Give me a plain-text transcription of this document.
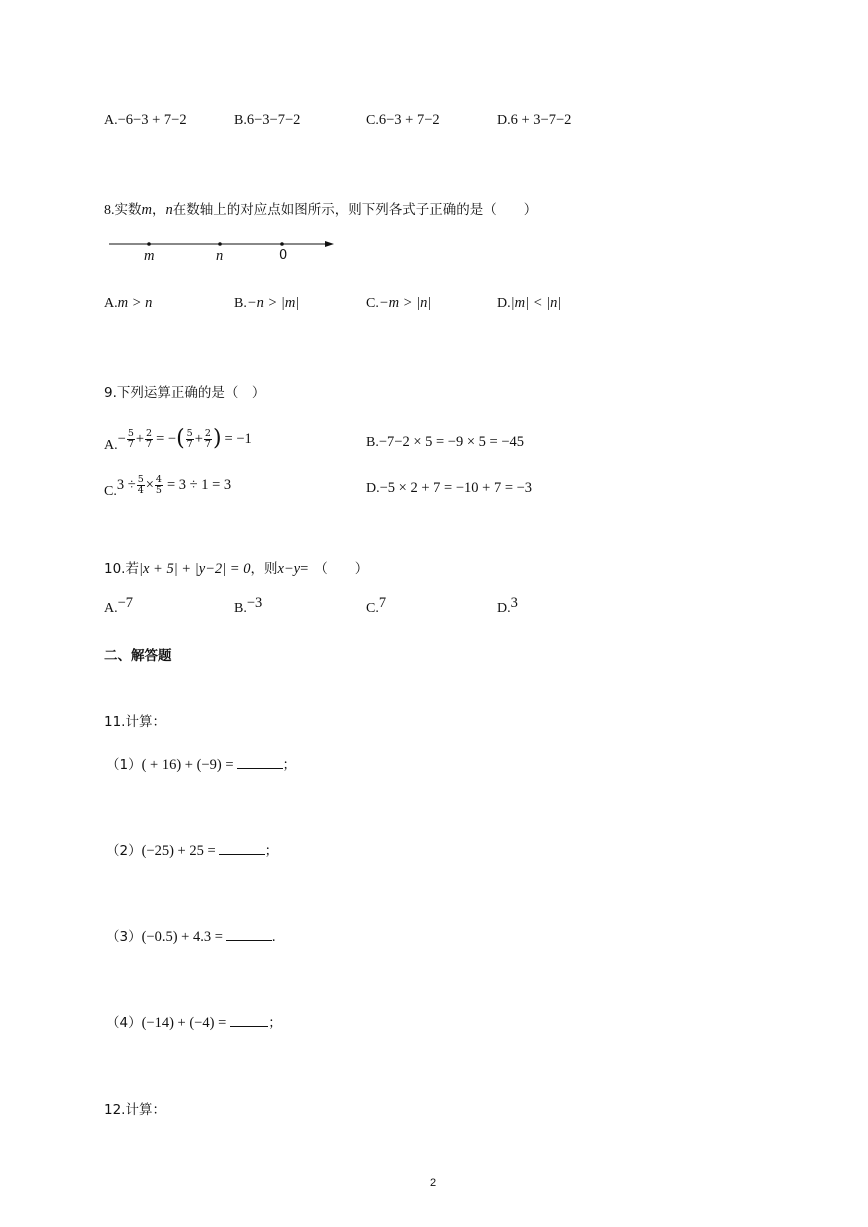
A. −6−3 + 7−2	B. 6−3−7−2	C. 6−3 + 7−2	D. 6 + 3−7−2
8. 实数 m ， n 在数轴上的对应点如图所示，则下列各式子正确的是（　　）
m	n	0
A. m > n	B. −n > |m|	C. −m > |n|	D. |m| < |n|
9.下列运算正确的是（　）
A. − $\frac{5}{7} + \frac{2}{7}$ = − ( $\frac{5}{7} + \frac{2}{7}$ ) = −1	B. −7−2 × 5 = −9 × 5 = −45
C. $3 \div \frac{5}{4} \times \frac{4}{5} = 3 \div 1 = 3$	D. −5 × 2 + 7 = −10 + 7 = −3
10.若 |x + 5| + |y−2| = 0 ，则 x−y = （　　）
A. −7	B. −3	C. 7	D. 3
二、解答题
11.计算：
（1） ( + 16) + (−9) =	；
（2） (−25) + 25 =	；
（3） (−0.5) + 4.3 =	.
（4） (−14) + (−4) =	；
12.计算：
2
